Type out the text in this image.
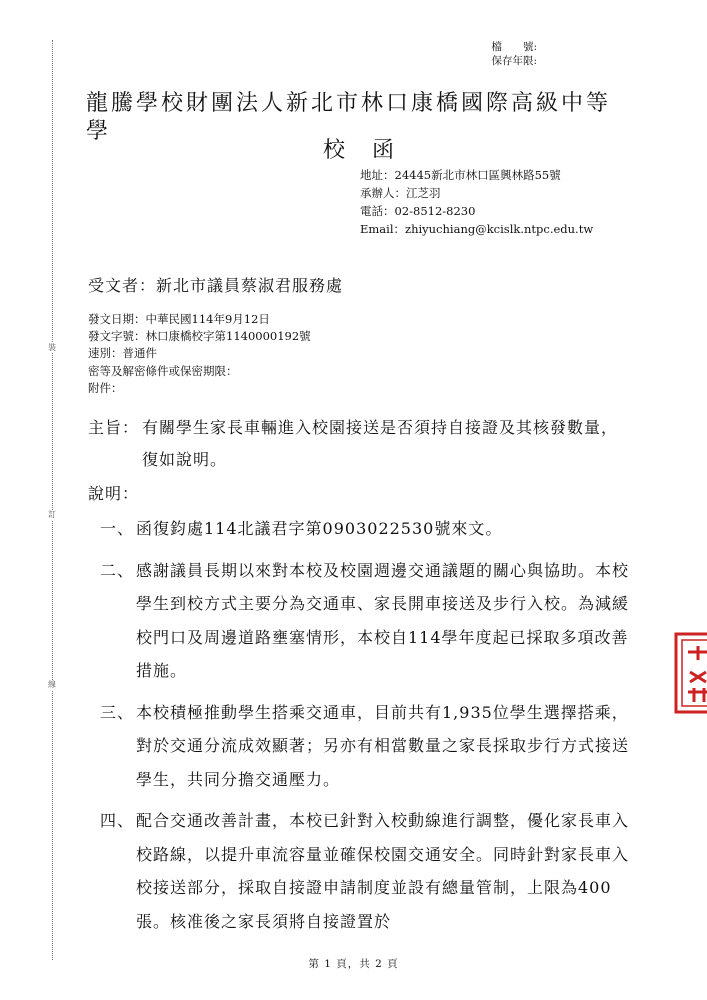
裝
訂
線
檔　　號:
保存年限:
龍騰學校財團法人新北市林口康橋國際高級中等學
校 函
地址：24445新北市林口區興林路55號
承辦人：江芝羽
電話：02-8512-8230
Email：zhiyuchiang@kcislk.ntpc.edu.tw
受文者：新北市議員蔡淑君服務處
發文日期：中華民國114年9月12日
發文字號：林口康橋校字第1140000192號
速別：普通件
密等及解密條件或保密期限：
附件：
主旨： 有關學生家長車輛進入校園接送是否須持自接證及其核發數量，復如說明。
說明：
一、 函復鈞處114北議君字第0903022530號來文。
二、 感謝議員長期以來對本校及校園週邊交通議題的關心與協助。本校學生到校方式主要分為交通車、家長開車接送及步行入校。為減緩校門口及周邊道路壅塞情形，本校自114學年度起已採取多項改善措施。
三、 本校積極推動學生搭乘交通車，目前共有1,935位學生選擇搭乘，對於交通分流成效顯著；另亦有相當數量之家長採取步行方式接送學生，共同分擔交通壓力。
四、 配合交通改善計畫，本校已針對入校動線進行調整，優化家長車入校路線，以提升車流容量並確保校園交通安全。同時針對家長車入校接送部分，採取自接證申請制度並設有總量管制，上限為400張。核准後之家長須將自接證置於
第 1 頁，共 2 頁
